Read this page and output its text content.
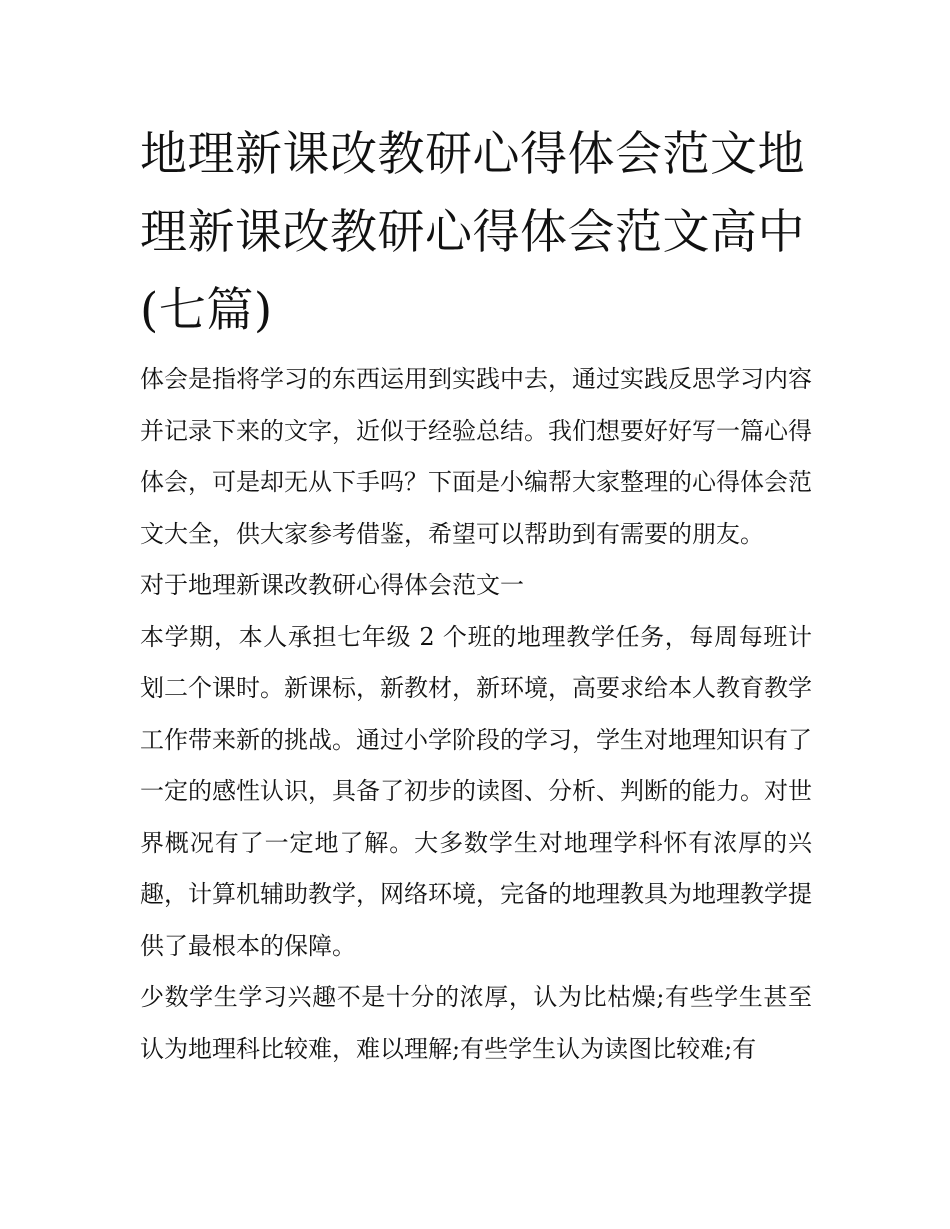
地理新课改教研心得体会范文地理新课改教研心得体会范文高中(七篇)

体会是指将学习的东西运用到实践中去，通过实践反思学习内容并记录下来的文字，近似于经验总结。我们想要好好写一篇心得体会，可是却无从下手吗？下面是小编帮大家整理的心得体会范文大全，供大家参考借鉴，希望可以帮助到有需要的朋友。

对于地理新课改教研心得体会范文一

本学期，本人承担七年级 2 个班的地理教学任务，每周每班计划二个课时。新课标，新教材，新环境，高要求给本人教育教学工作带来新的挑战。通过小学阶段的学习，学生对地理知识有了一定的感性认识，具备了初步的读图、分析、判断的能力。对世界概况有了一定地了解。大多数学生对地理学科怀有浓厚的兴趣，计算机辅助教学，网络环境，完备的地理教具为地理教学提供了最根本的保障。

少数学生学习兴趣不是十分的浓厚，认为比枯燥;有些学生甚至认为地理科比较难，难以理解;有些学生认为读图比较难;有
